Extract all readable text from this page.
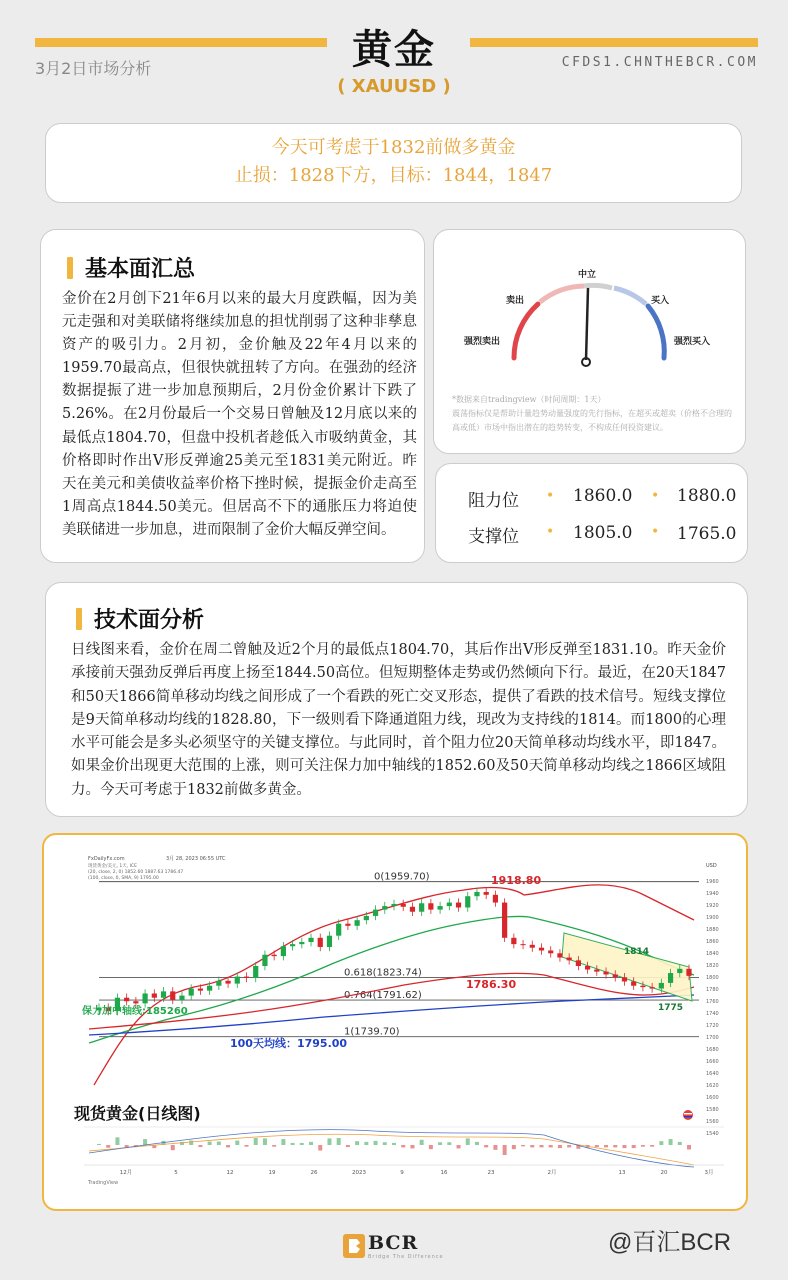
黄金
( XAUUSD )
3月2日市场分析	CFDS1.CHNTHEBCR.COM
今天可考虑于1832前做多黄金
止损：1828下方，目标：1844，1847
基本面汇总
金价在2月创下21年6月以来的最大月度跌幅，因为美元走强和对美联储将继续加息的担忧削弱了这种非孳息资产的吸引力。2月初，金价触及22年4月以来的1959.70最高点，但很快就扭转了方向。在强劲的经济数据提振了进一步加息预期后，2月份金价累计下跌了5.26%。在2月份最后一个交易日曾触及12月底以来的最低点1804.70，但盘中投机者趁低入市吸纳黄金，其价格即时作出V形反弹逾25美元至1831美元附近。昨天在美元和美债收益率价格下挫时候，提振金价走高至1周高点1844.50美元。但居高不下的通胀压力将迫使美联储进一步加息，进而限制了金价大幅反弹空间。
中立
卖出	买入
强烈卖出	强烈买入
*数据来自tradingview（时间周期：1天）
震荡指标仅是帮助计量趋势动量强度的先行指标，在超买或超卖（价格不合理的高或低）市场中指出潜在的趋势转变，不构成任何投资建议。
阻力位 • 1860.0 • 1880.0
支撑位 • 1805.0 • 1765.0
技术面分析
日线图来看，金价在周二曾触及近2个月的最低点1804.70，其后作出V形反弹至1831.10。昨天金价承接前天强劲反弹后再度上扬至1844.50高位。但短期整体走势或仍然倾向下行。最近，在20天1847和50天1866简单移动均线之间形成了一个看跌的死亡交叉形态，提供了看跌的技术信号。短线支撑位是9天简单移动均线的1828.80，下一级则看下降通道阻力线，现改为支持线的1814。而1800的心理水平可能会是多头必须坚守的关键支撑位。与此同时，首个阻力位20天简单移动均线水平，即1847。如果金价出现更大范围的上涨，则可关注保力加中轴线的1852.60及50天简单移动均线之1866区域阻力。今天可考虑于1832前做多黄金。
FxDailyFx.com	3月 28, 2023 06:55 UTC
现货黄金/美元, 1天, ICE
(20, close, 2, 0) 1852.60 1887.63 1786.47
(100, close, 0, SMA, 9) 1795.00
USD
0(1959.70)
0.618(1823.74)
0.764(1791.62)
1(1739.70)
1960
1940
1920
1900
1880
1860
1840
1820
1800
1780
1760
1740
1720
1700
1680
1660
1640
1620
1600
1580
1560
1540
1918.80
1786.30
1814
1775
保力加中轴线:185260
100天均线：1795.00
现货黄金(日线图)
12月	5	12	19	26	2023	9	16	23	2月	13	20	3月
TradingView
BCR
Bridge The Difference
@百汇BCR
